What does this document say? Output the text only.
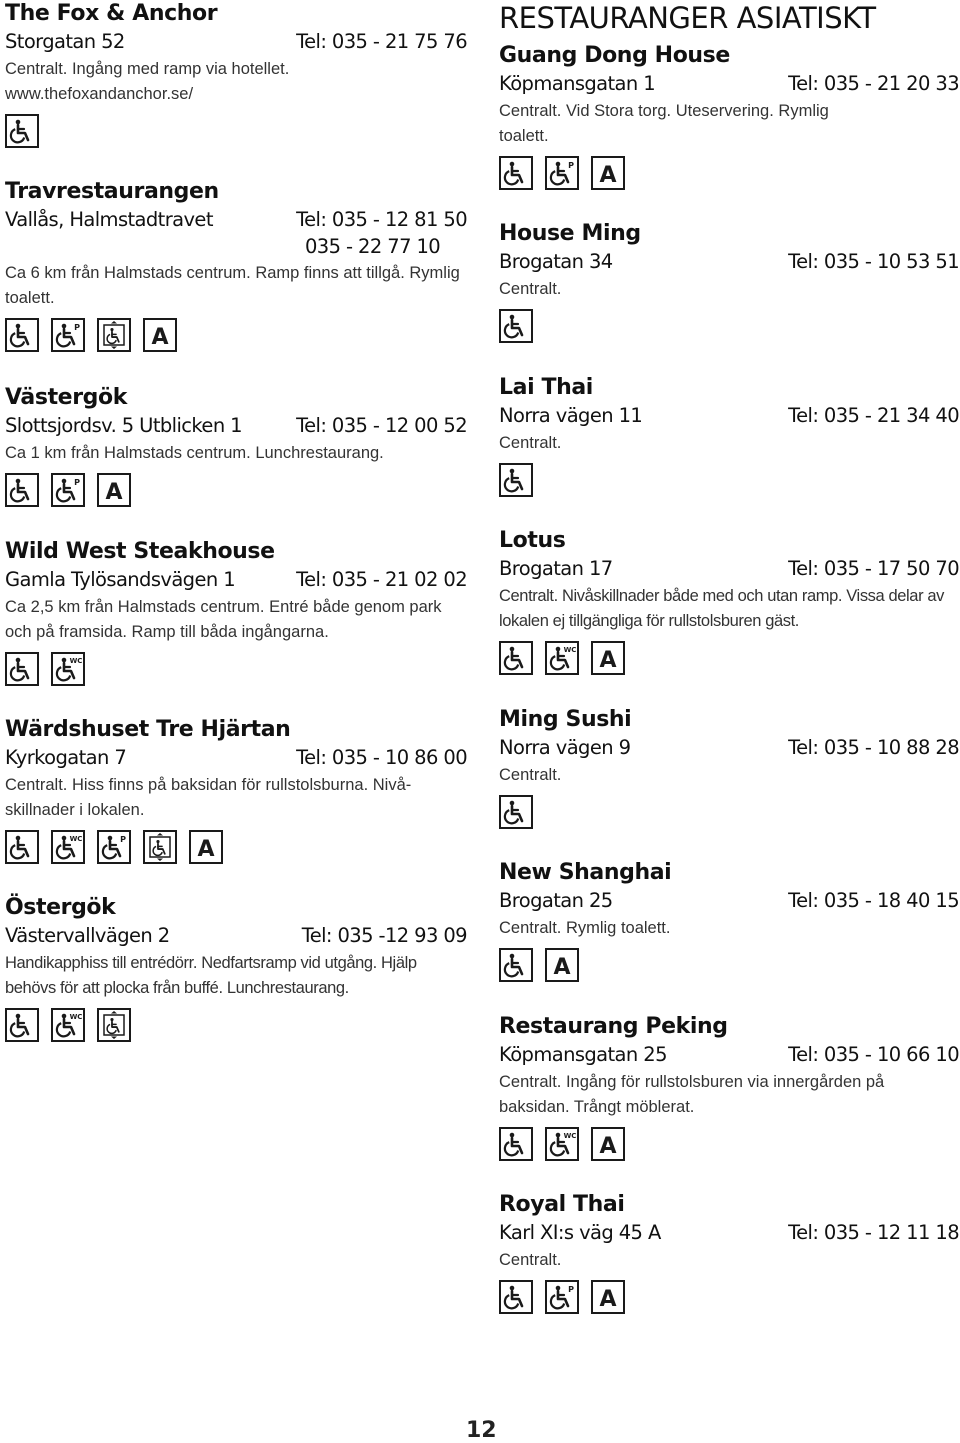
The Fox & Anchor
Storgatan 52	Tel: 035 - 21 75 76
Centralt. Ingång med ramp via hotellet.
www.thefoxandanchor.se/
Travrestaurangen
Vallås, Halmstadtravet	Tel: 035 - 12 81 50
035 - 22 77 10
Ca 6 km från Halmstads centrum. Ramp finns att tillgå. Rymlig toalett.
P	A
Västergök
Slottsjordsv. 5 Utblicken 1	Tel: 035 - 12 00 52
Ca 1 km från Halmstads centrum. Lunchrestaurang.
P A
Wild West Steakhouse
Gamla Tylösandsvägen 1	Tel: 035 - 21 02 02
Ca 2,5 km från Halmstads centrum. Entré både genom park och på framsida. Ramp till båda ingångarna.
WC
Wärdshuset Tre Hjärtan
Kyrkogatan 7	Tel: 035 - 10 86 00
Centralt. Hiss finns på baksidan för rullstolsburna. Nivå-skillnader i lokalen.
WC	P	A
Östergök
Västervallvägen 2	Tel: 035 -12 93 09
Handikapphiss till entrédörr. Nedfartsramp vid utgång. Hjälp behövs för att plocka från buffé. Lunchrestaurang.
WC
RESTAURANGER ASIATISKT
Guang Dong House
Köpmansgatan 1	Tel: 035 - 21 20 33
Centralt. Vid Stora torg. Uteservering. Rymlig toalett.
P A
House Ming
Brogatan 34	Tel: 035 - 10 53 51
Centralt.
Lai Thai
Norra vägen 11	Tel: 035 - 21 34 40
Centralt.
Lotus
Brogatan 17	Tel: 035 - 17 50 70
Centralt. Nivåskillnader både med och utan ramp. Vissa delar av lokalen ej tillgängliga för rullstolsburen gäst.
WC A
Ming Sushi
Norra vägen 9	Tel: 035 - 10 88 28
Centralt.
New Shanghai
Brogatan 25	Tel: 035 - 18 40 15
Centralt. Rymlig toalett.
A
Restaurang Peking
Köpmansgatan 25	Tel: 035 - 10 66 10
Centralt. Ingång för rullstolsburen via innergården på baksidan. Trångt möblerat.
WC A
Royal Thai
Karl XI:s väg 45 A	Tel: 035 - 12 11 18
Centralt.
P A
12
